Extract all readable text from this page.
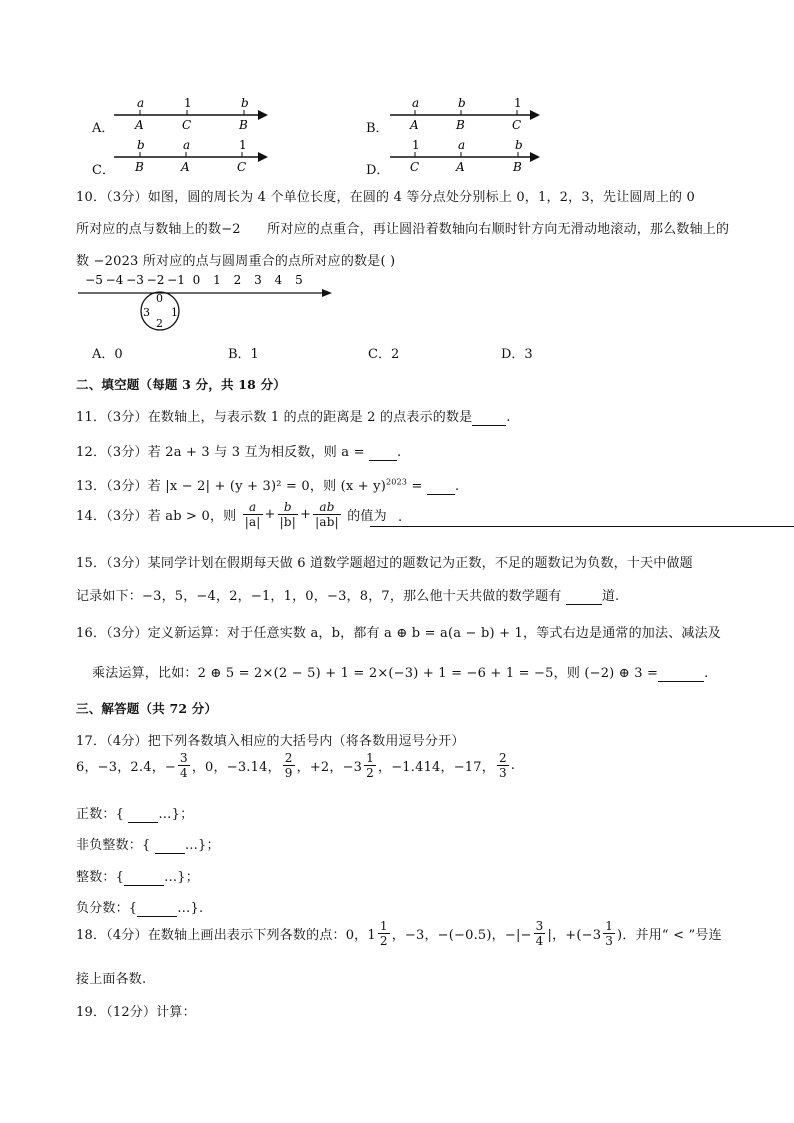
A．
a	1	b
A	C	B	B．
a	b	1
A	B	C
C．
b	a	1
B	A	C	D．
1	a	b
C	A	B
10．（3分）如图，圆的周长为 4 个单位长度，在圆的 4 等分点处分别标上 0，1，2，3，先让圆周上的 0
所对应的点与数轴上的数−2　　所对应的点重合，再让圆沿着数轴向右顺时针方向无滑动地滚动，那么数轴上的
数 −2023 所对应的点与圆周重合的点所对应的数是( )
−5 −4 −3 −2 −1 0 1 2 3 4 5
0
1
2
3
A．0	B．1	C．2	D．3
二、填空题（每题 3 分，共 18 分）
11．（3分）在数轴上，与表示数 1 的点的距离是 2 的点表示的数是	.
12．（3分）若 2a + 3 与 3 互为相反数，则 a = .
13．（3分）若 |x − 2| + (y + 3)² = 0，则 $(x + y)^{2023}$ = .
14．（3分）若 ab > 0，则 $\frac{a}{|a|} + \frac{b}{|b|} + \frac{ab}{|ab|}$ 的值为 .
15．（3分）某同学计划在假期每天做 6 道数学题超过的题数记为正数，不足的题数记为负数，十天中做题
记录如下：−3，5，−4，2，−1，1，0，−3，8，7，那么他十天共做的数学题有	道.
16．（3分）定义新运算：对于任意实数 a，b，都有 a ⊕ b = a(a − b) + 1，等式右边是通常的加法、减法及
乘法运算，比如：2 ⊕ 5 = 2×(2 − 5) + 1 = 2×(−3) + 1 = −6 + 1 = −5，则 (−2) ⊕ 3 =	.
三、解答题（共 72 分）
17．（4分）把下列各数填入相应的大括号内（将各数用逗号分开）
6，−3，2.4，− $\frac{3}{4}$ ，0，−3.14， $\frac{2}{9}$ ，+2，$-3 \frac{1}{2}$ ，−1.414，−17， $\frac{2}{3}$ .
正数：{	…}；
非负整数：{	…}；
整数：{	…}；
负分数：{	…}.
18．（4分）在数轴上画出表示下列各数的点：0，$1 \frac{1}{2}$ ，−3，−(−0.5)，−|− $\frac{3}{4}$ |，$+(-3 \frac{1}{3}$ )．并用“ < ”号连
接上面各数.
19．（12分）计算：
